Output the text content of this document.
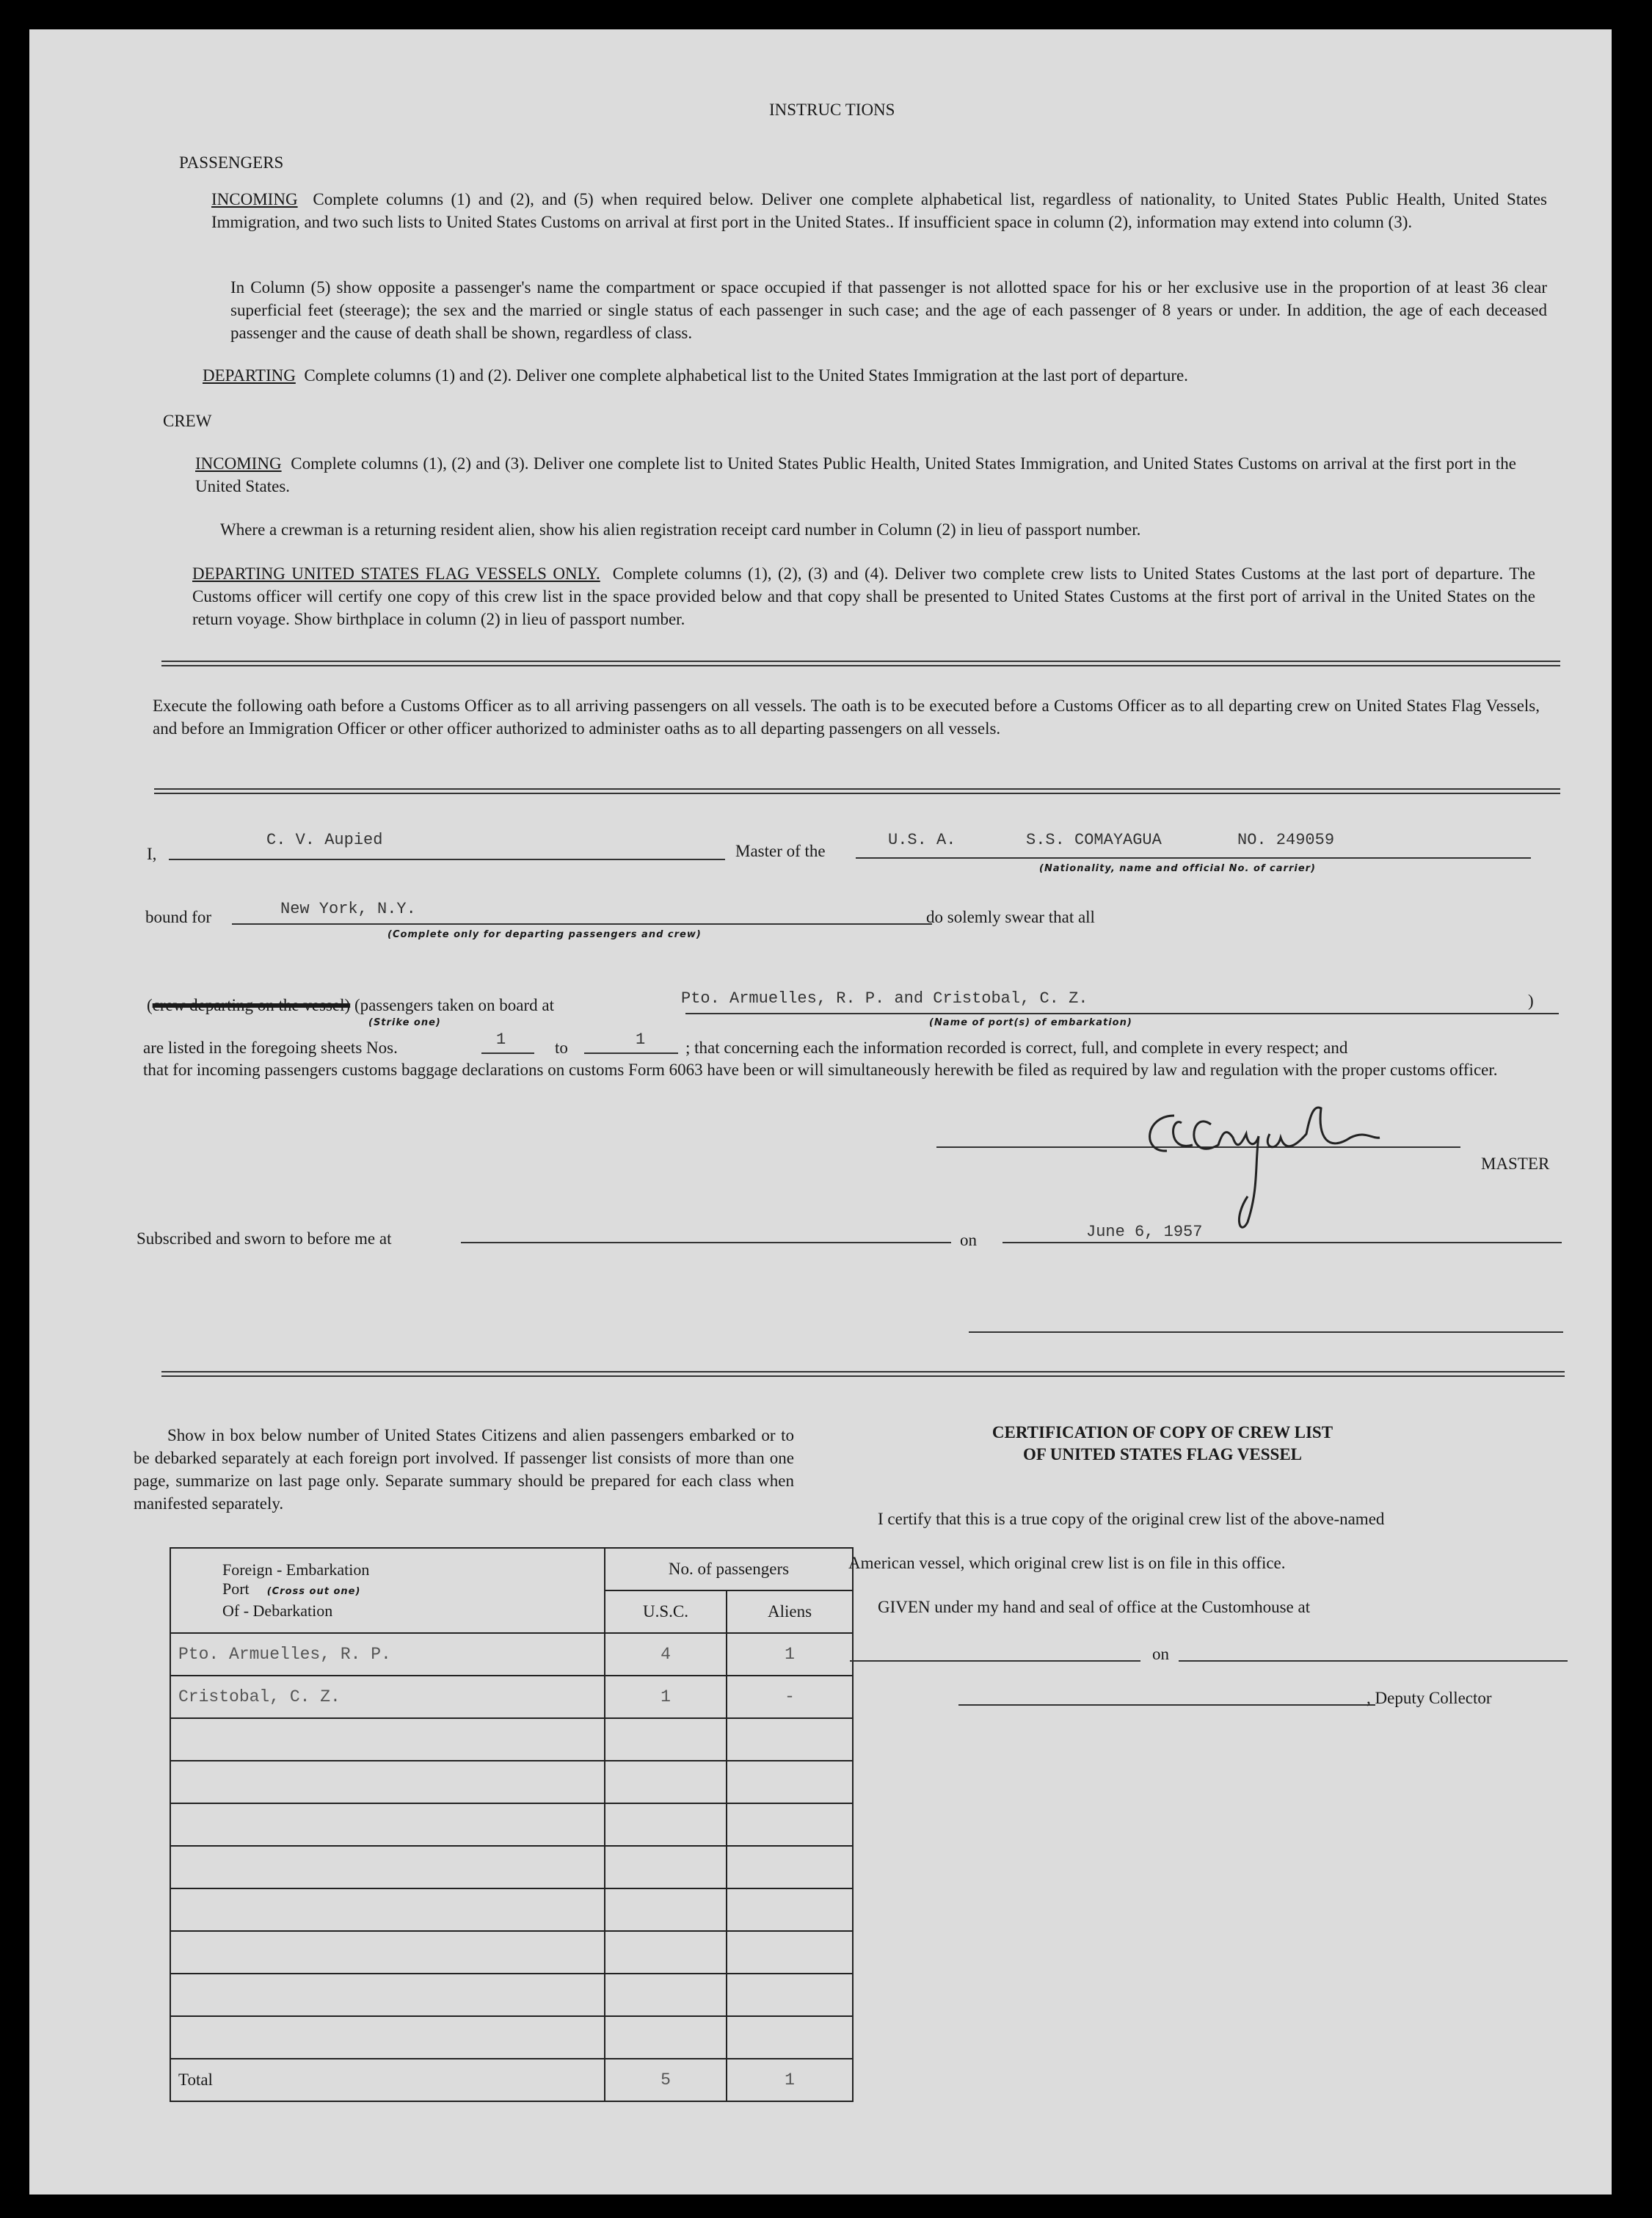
INSTRUC TIONS
PASSENGERS
INCOMING Complete columns (1) and (2), and (5) when required below. Deliver one complete alphabetical list, regardless of nationality, to United States Public Health, United States Immigration, and two such lists to United States Customs on arrival at first port in the United States.. If insufficient space in column (2), information may extend into column (3).
In Column (5) show opposite a passenger's name the compartment or space occupied if that passenger is not allotted space for his or her exclusive use in the proportion of at least 36 clear superficial feet (steerage); the sex and the married or single status of each passenger in such case; and the age of each passenger of 8 years or under. In addition, the age of each deceased passenger and the cause of death shall be shown, regardless of class.
DEPARTING Complete columns (1) and (2). Deliver one complete alphabetical list to the United States Immigration at the last port of departure.
CREW
INCOMING Complete columns (1), (2) and (3). Deliver one complete list to United States Public Health, United States Immigration, and United States Customs on arrival at the first port in the United States.
Where a crewman is a returning resident alien, show his alien registration receipt card number in Column (2) in lieu of passport number.
DEPARTING UNITED STATES FLAG VESSELS ONLY. Complete columns (1), (2), (3) and (4). Deliver two complete crew lists to United States Customs at the last port of departure. The Customs officer will certify one copy of this crew list in the space provided below and that copy shall be presented to United States Customs at the first port of arrival in the United States on the return voyage. Show birthplace in column (2) in lieu of passport number.
Execute the following oath before a Customs Officer as to all arriving passengers on all vessels. The oath is to be executed before a Customs Officer as to all departing crew on United States Flag Vessels, and before an Immigration Officer or other officer authorized to administer oaths as to all departing passengers on all vessels.
I,
C. V. Aupied
Master of the
U.S. A.	S.S. COMAYAGUA	NO. 249059
(Nationality, name and official No. of carrier)
bound for	New York, N.Y.	do solemly swear that all
(Complete only for departing passengers and crew)
(crew departing on the vessel) (passengers taken on board at	Pto. Armuelles, R. P. and Cristobal, C. Z.	)
(Strike one)	(Name of port(s) of embarkation)
are listed in the foregoing sheets Nos.	1	to	1 ; that concerning each the information recorded is correct, full, and complete in every respect; and
that for incoming passengers customs baggage declarations on customs Form 6063 have been or will simultaneously herewith be filed as required by law and regulation with the proper customs officer.
MASTER
Subscribed and sworn to before me at	on	June 6, 1957
Show in box below number of United States Citizens and alien passengers embarked or to be debarked separately at each foreign port involved. If passenger list consists of more than one page, summarize on last page only. Separate summary should be prepared for each class when manifested separately.
Foreign - Embarkation
Port (Cross out one)
Of - Debarkation	No. of passengers	
	U.S.C.	Aliens
Pto. Armuelles, R. P.	4	1
Cristobal, C. Z.	1	-

Total	5	1
CERTIFICATION OF COPY OF CREW LIST
OF UNITED STATES FLAG VESSEL
I certify that this is a true copy of the original crew list of the above-named
American vessel, which original crew list is on file in this office.
GIVEN under my hand and seal of office at the Customhouse at
on
, Deputy Collector
